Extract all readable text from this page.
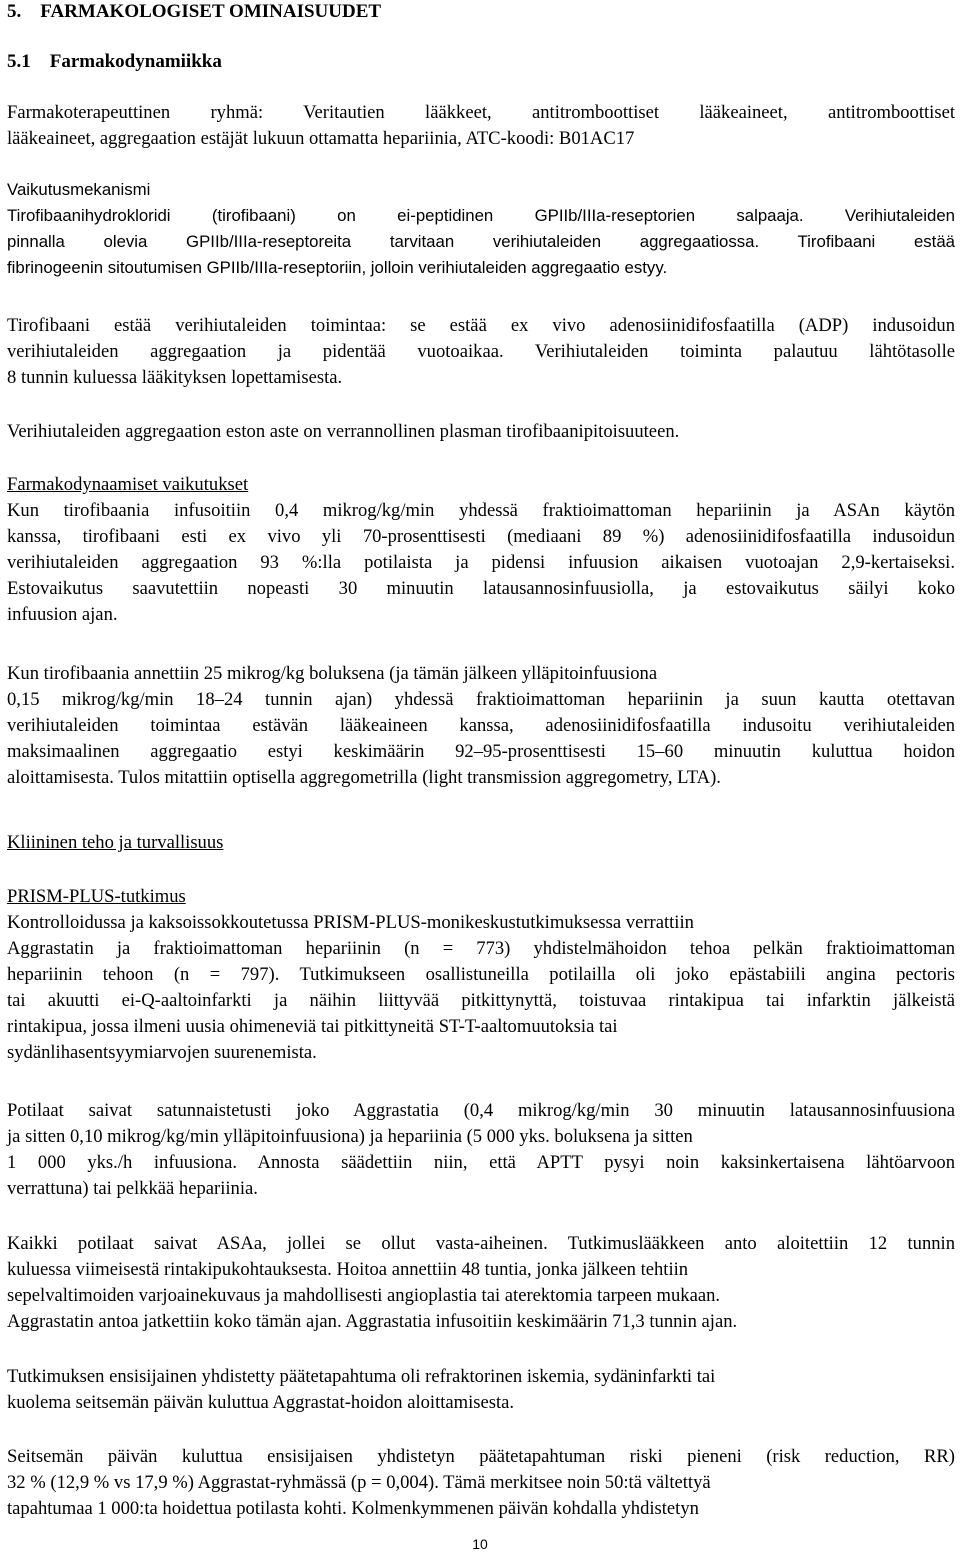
5. FARMAKOLOGISET OMINAISUUDET
5.1 Farmakodynamiikka

Farmakoterapeuttinen ryhmä: Veritautien lääkkeet, antitromboottiset lääkeaineet, antitromboottiset
lääkeaineet, aggregaation estäjät lukuun ottamatta hepariinia, ATC-koodi: B01AC17

Vaikutusmekanismi
Tirofibaanihydrokloridi (tirofibaani) on ei-peptidinen GPIIb/IIIa-reseptorien salpaaja. Verihiutaleiden
pinnalla olevia GPIIb/IIIa-reseptoreita tarvitaan verihiutaleiden aggregaatiossa. Tirofibaani estää
fibrinogeenin sitoutumisen GPIIb/IIIa-reseptoriin, jolloin verihiutaleiden aggregaatio estyy.

Tirofibaani estää verihiutaleiden toimintaa: se estää ex vivo adenosiinidifosfaatilla (ADP) indusoidun
verihiutaleiden aggregaation ja pidentää vuotoaikaa. Verihiutaleiden toiminta palautuu lähtötasolle
8 tunnin kuluessa lääkityksen lopettamisesta.

Verihiutaleiden aggregaation eston aste on verrannollinen plasman tirofibaanipitoisuuteen.

Farmakodynaamiset vaikutukset
Kun tirofibaania infusoitiin 0,4 mikrog/kg/min yhdessä fraktioimattoman hepariinin ja ASAn käytön
kanssa, tirofibaani esti ex vivo yli 70-prosenttisesti (mediaani 89 %) adenosiinidifosfaatilla indusoidun
verihiutaleiden aggregaation 93 %:lla potilaista ja pidensi infuusion aikaisen vuotoajan 2,9-kertaiseksi.
Estovaikutus saavutettiin nopeasti 30 minuutin latausannosinfuusiolla, ja estovaikutus säilyi koko
infuusion ajan.

Kun tirofibaania annettiin 25 mikrog/kg boluksena (ja tämän jälkeen ylläpitoinfuusiona
0,15 mikrog/kg/min 18–24 tunnin ajan) yhdessä fraktioimattoman hepariinin ja suun kautta otettavan
verihiutaleiden toimintaa estävän lääkeaineen kanssa, adenosiinidifosfaatilla indusoitu verihiutaleiden
maksimaalinen aggregaatio estyi keskimäärin 92–95-prosenttisesti 15–60 minuutin kuluttua hoidon
aloittamisesta. Tulos mitattiin optisella aggregometrilla (light transmission aggregometry, LTA).

Kliininen teho ja turvallisuus

PRISM-PLUS-tutkimus
Kontrolloidussa ja kaksoissokkoutetussa PRISM-PLUS-monikeskustutkimuksessa verrattiin
Aggrastatin ja fraktioimattoman hepariinin (n = 773) yhdistelmähoidon tehoa pelkän fraktioimattoman
hepariinin tehoon (n = 797). Tutkimukseen osallistuneilla potilailla oli joko epästabiili angina pectoris
tai akuutti ei-Q-aaltoinfarkti ja näihin liittyvää pitkittynyttä, toistuvaa rintakipua tai infarktin jälkeistä
rintakipua, jossa ilmeni uusia ohimeneviä tai pitkittyneitä ST-T-aaltomuutoksia tai
sydänlihasentsyymiarvojen suurenemista.

Potilaat saivat satunnaistetusti joko Aggrastatia (0,4 mikrog/kg/min 30 minuutin latausannosinfuusiona
ja sitten 0,10 mikrog/kg/min ylläpitoinfuusiona) ja hepariinia (5 000 yks. boluksena ja sitten
1 000 yks./h infuusiona. Annosta säädettiin niin, että APTT pysyi noin kaksinkertaisena lähtöarvoon
verrattuna) tai pelkkää hepariinia.

Kaikki potilaat saivat ASAa, jollei se ollut vasta-aiheinen. Tutkimuslääkkeen anto aloitettiin 12 tunnin
kuluessa viimeisestä rintakipukohtauksesta. Hoitoa annettiin 48 tuntia, jonka jälkeen tehtiin
sepelvaltimoiden varjoainekuvaus ja mahdollisesti angioplastia tai aterektomia tarpeen mukaan.
Aggrastatin antoa jatkettiin koko tämän ajan. Aggrastatia infusoitiin keskimäärin 71,3 tunnin ajan.

Tutkimuksen ensisijainen yhdistetty päätetapahtuma oli refraktorinen iskemia, sydäninfarkti tai
kuolema seitsemän päivän kuluttua Aggrastat-hoidon aloittamisesta.

Seitsemän päivän kuluttua ensisijaisen yhdistetyn päätetapahtuman riski pieneni (risk reduction, RR)
32 % (12,9 % vs 17,9 %) Aggrastat-ryhmässä (p = 0,004). Tämä merkitsee noin 50:tä vältettyä
tapahtumaa 1 000:ta hoidettua potilasta kohti. Kolmenkymmenen päivän kohdalla yhdistetyn

10
